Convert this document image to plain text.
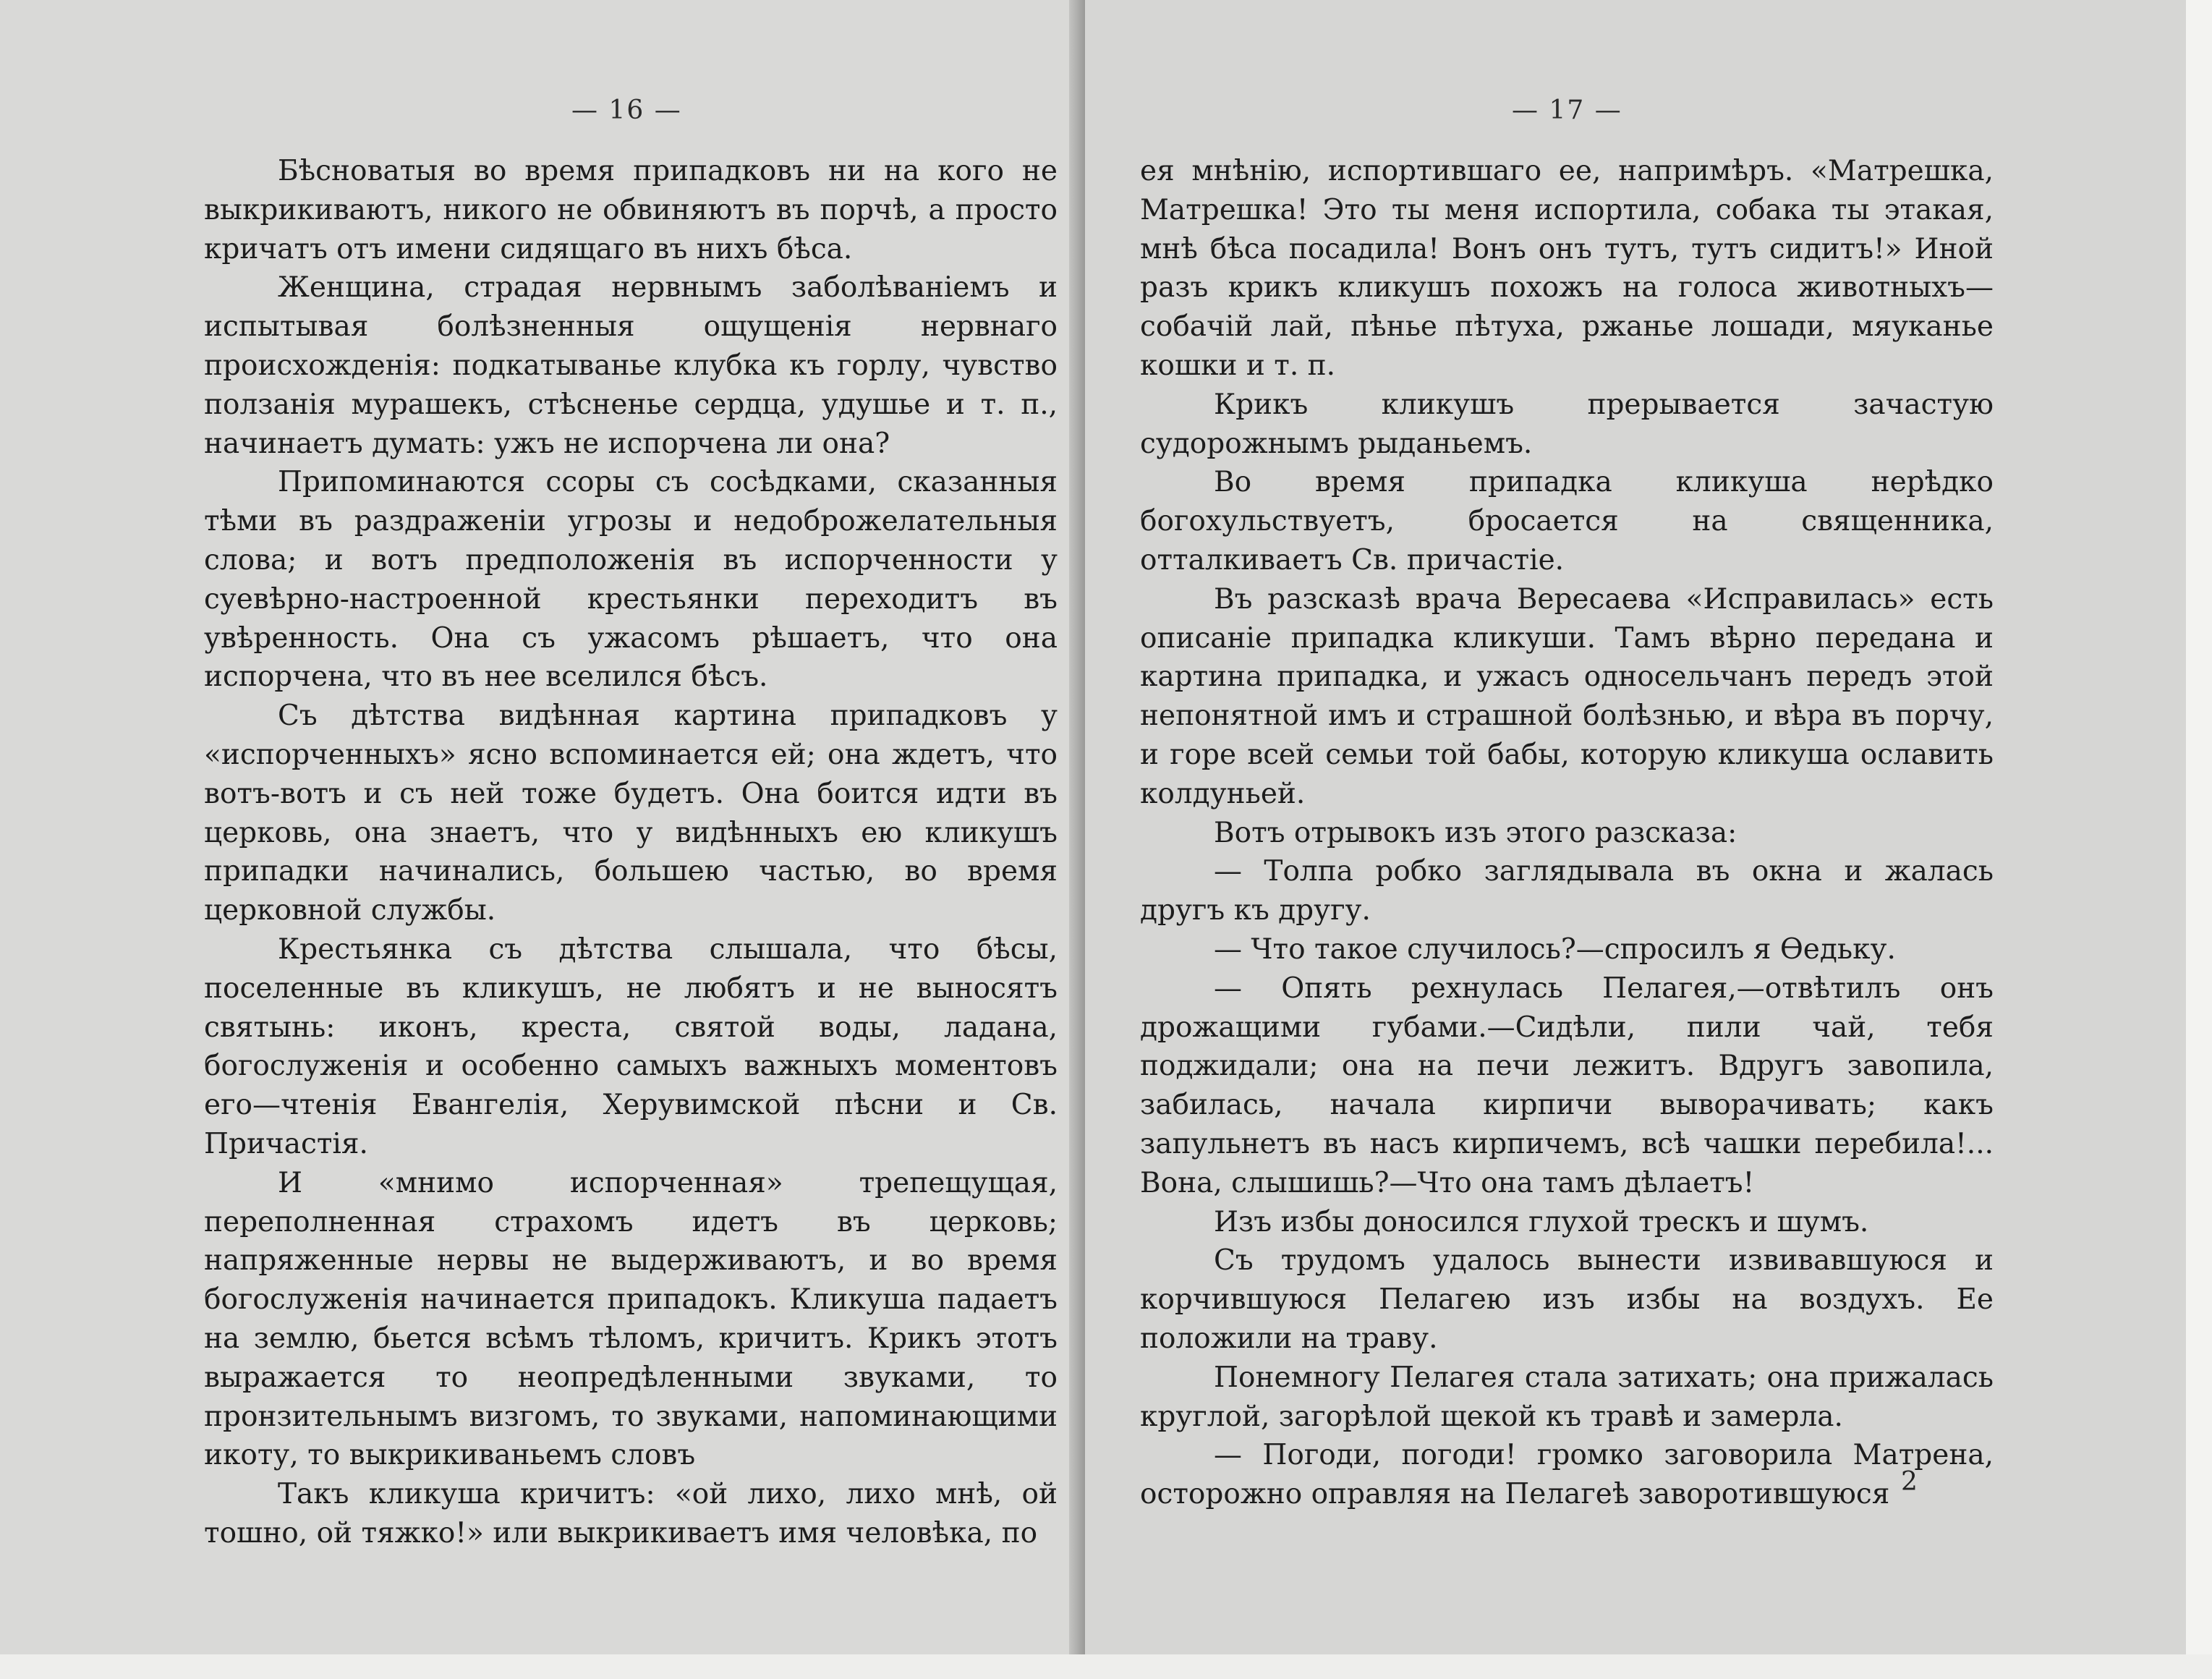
— 16 —

Бѣсноватыя во время припадковъ ни на кого не выкрикиваютъ, никого не обвиняютъ въ порчѣ, а просто кричатъ отъ имени сидящаго въ нихъ бѣса.

Женщина, страдая нервнымъ заболѣваніемъ и испытывая болѣзненныя ощущенія нервнаго происхожденія: подкатыванье клубка къ горлу, чувство ползанія мурашекъ, стѣсненье сердца, удушье и т. п., начинаетъ думать: ужъ не испорчена ли она?

Припоминаются ссоры съ сосѣдками, сказанныя тѣми въ раздраженіи угрозы и недоброжелательныя слова; и вотъ предположенія въ испорченности у суевѣрно-настроенной крестьянки переходитъ въ увѣренность. Она съ ужасомъ рѣшаетъ, что она испорчена, что въ нее вселился бѣсъ.

Съ дѣтства видѣнная картина припадковъ у «испорченныхъ» ясно вспоминается ей; она ждетъ, что вотъ-вотъ и съ ней тоже будетъ. Она боится идти въ церковь, она знаетъ, что у видѣнныхъ ею кликушъ припадки начинались, большею частью, во время церковной службы.

Крестьянка съ дѣтства слышала, что бѣсы, поселенные въ кликушъ, не любятъ и не выносятъ святынь: иконъ, креста, святой воды, ладана, богослуженія и особенно самыхъ важныхъ моментовъ его—чтенія Евангелія, Херувимской пѣсни и Св. Причастія.

И «мнимо испорченная» трепещущая, переполненная страхомъ идетъ въ церковь; напряженные нервы не выдерживаютъ, и во время богослуженія начинается припадокъ. Кликуша падаетъ на землю, бьется всѣмъ тѣломъ, кричитъ. Крикъ этотъ выражается то неопредѣленными звуками, то пронзительнымъ визгомъ, то звуками, напоминающими икоту, то выкрикиваньемъ словъ

Такъ кликуша кричитъ: «ой лихо, лихо мнѣ, ой тошно, ой тяжко!» или выкрикиваетъ имя человѣка, по

— 17 —

ея мнѣнію, испортившаго ее, напримѣръ. «Матрешка, Матрешка! Это ты меня испортила, собака ты этакая, мнѣ бѣса посадила! Вонъ онъ тутъ, тутъ сидитъ!» Иной разъ крикъ кликушъ похожъ на голоса животныхъ—собачій лай, пѣнье пѣтуха, ржанье лошади, мяуканье кошки и т. п.

Крикъ кликушъ прерывается зачастую судорожнымъ рыданьемъ.

Во время припадка кликуша нерѣдко богохульствуетъ, бросается на священника, отталкиваетъ Св. причастіе.

Въ разсказѣ врача Вересаева «Исправилась» есть описаніе припадка кликуши. Тамъ вѣрно передана и картина припадка, и ужасъ односельчанъ передъ этой непонятной имъ и страшной болѣзнью, и вѣра въ порчу, и горе всей семьи той бабы, которую кликуша ославить колдуньей.

Вотъ отрывокъ изъ этого разсказа:

— Толпа робко заглядывала въ окна и жалась другъ къ другу.

— Что такое случилось?—спросилъ я Өедьку.

— Опять рехнулась Пелагея,—отвѣтилъ онъ дрожащими губами.—Сидѣли, пили чай, тебя поджидали; она на печи лежитъ. Вдругъ завопила, забилась, начала кирпичи выворачивать; какъ запульнетъ въ насъ кирпичемъ, всѣ чашки перебила!... Вона, слышишь?—Что она тамъ дѣлаетъ!

Изъ избы доносился глухой трескъ и шумъ.

Съ трудомъ удалось вынести извивавшуюся и корчившуюся Пелагею изъ избы на воздухъ. Ее положили на траву.

Понемногу Пелагея стала затихать; она прижалась круглой, загорѣлой щекой къ травѣ и замерла.

— Погоди, погоди! громко заговорила Матрена, осторожно оправляя на Пелагеѣ заворотившуюся 2
